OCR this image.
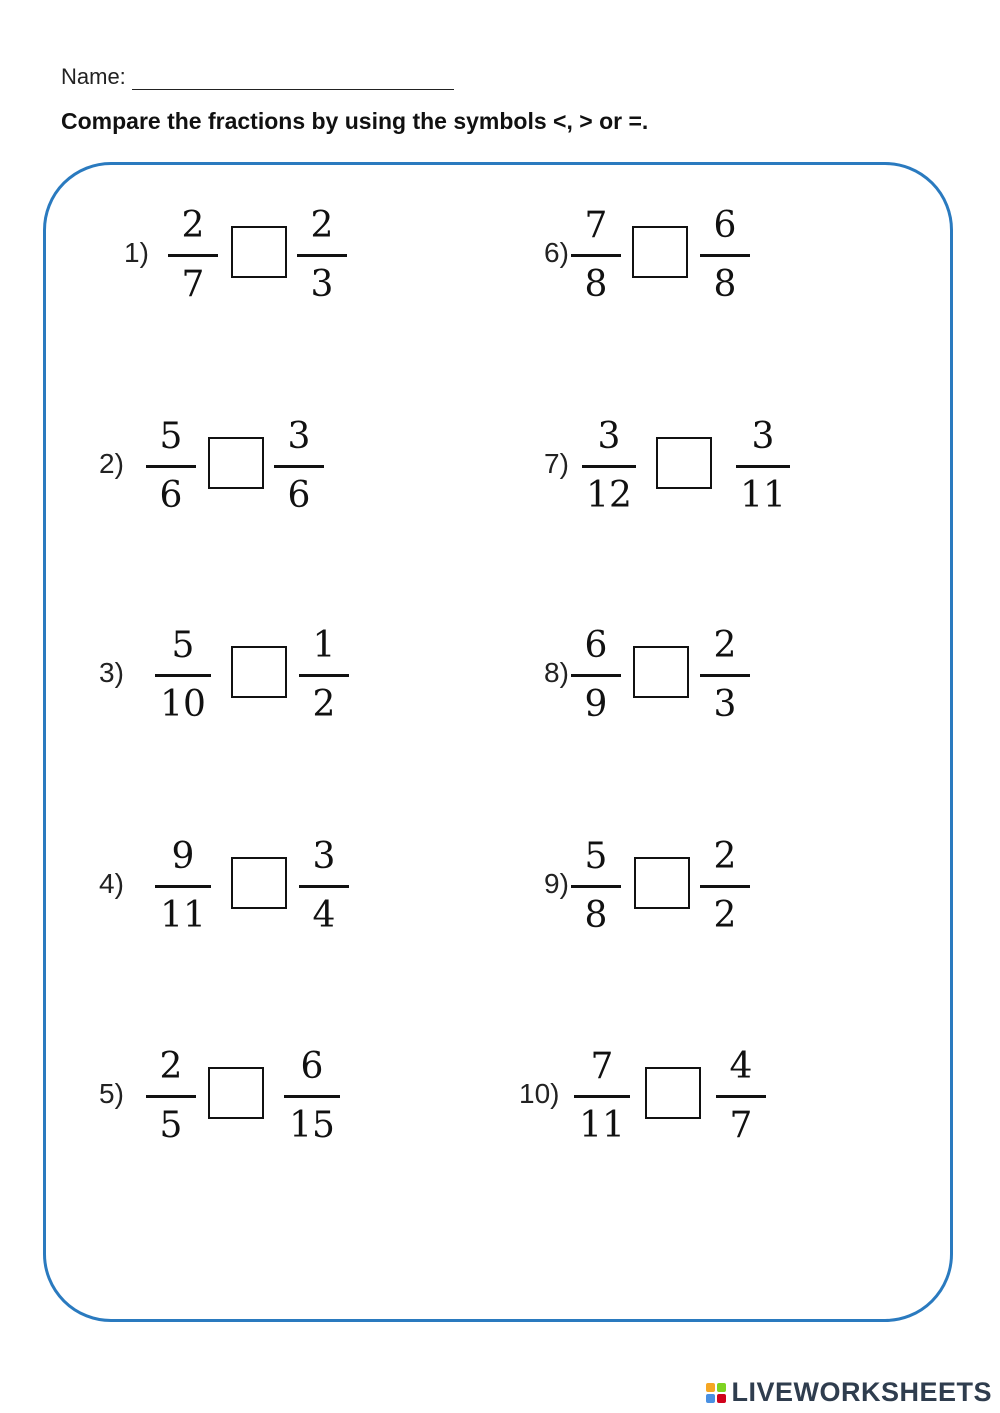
Name:
Compare the fractions by using the symbols <, > or =.
1)
2
7
2
3
2)
5
6
3
6
3)
5
10
1
2
4)
9
11
3
4
5)
2
5
6
15
6)
7
8
6
8
7)
3
12
3
11
8)
6
9
2
3
9)
5
8
2
2
10)
7
11
4
7
LIVEWORKSHEETS
